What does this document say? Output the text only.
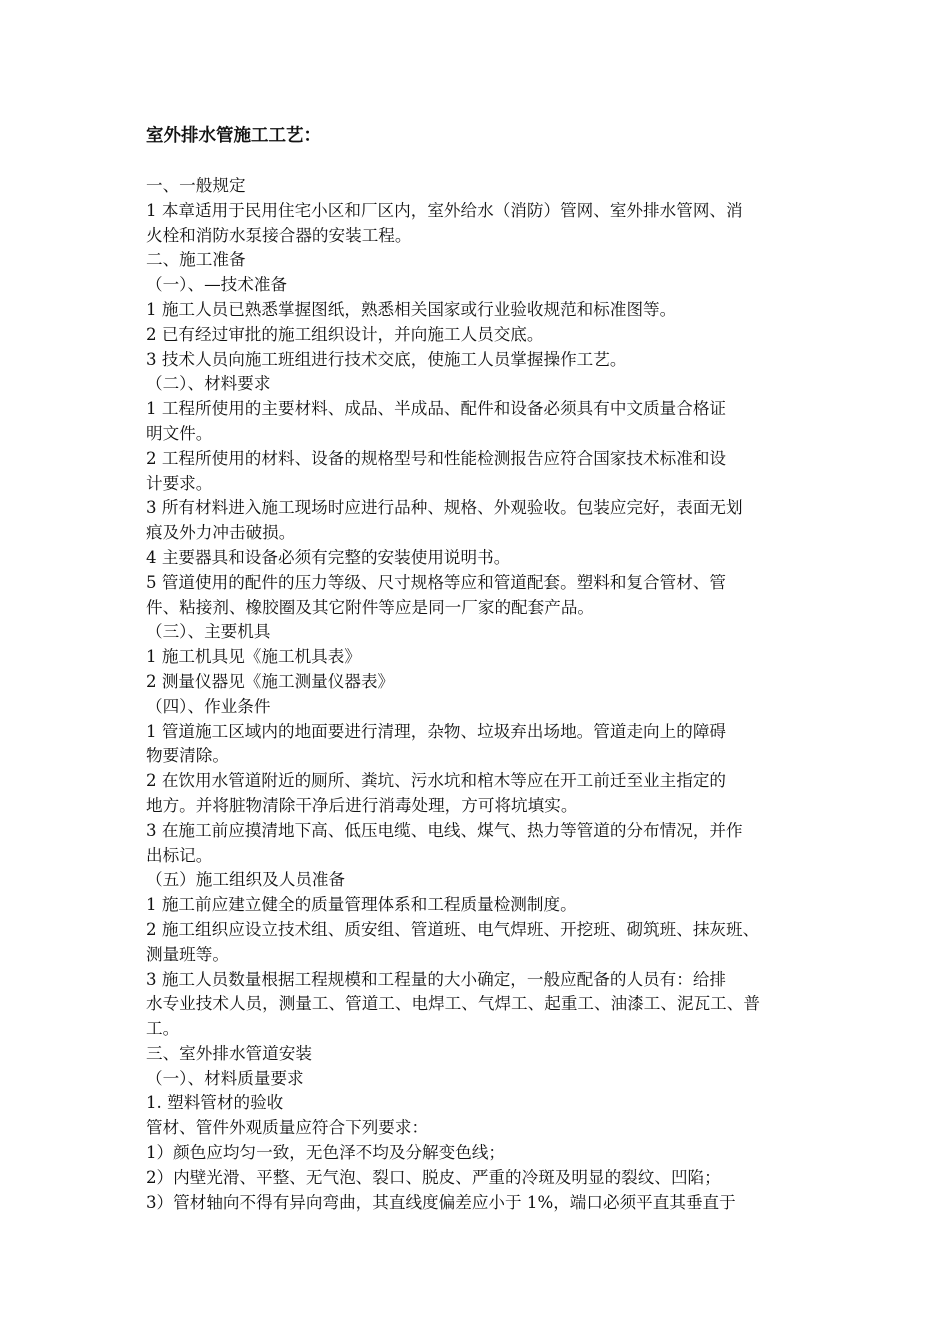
室外排水管施工工艺：
一、一般规定
1 本章适用于民用住宅小区和厂区内，室外给水（消防）管网、室外排水管网、消
火栓和消防水泵接合器的安装工程。
二、施工准备
（一）、—技术准备
1 施工人员已熟悉掌握图纸，熟悉相关国家或行业验收规范和标准图等。
2 已有经过审批的施工组织设计，并向施工人员交底。
3 技术人员向施工班组进行技术交底，使施工人员掌握操作工艺。
（二）、材料要求
1 工程所使用的主要材料、成品、半成品、配件和设备必须具有中文质量合格证
明文件。
2 工程所使用的材料、设备的规格型号和性能检测报告应符合国家技术标准和设
计要求。
3 所有材料进入施工现场时应进行品种、规格、外观验收。包装应完好，表面无划
痕及外力冲击破损。
4 主要器具和设备必须有完整的安装使用说明书。
5 管道使用的配件的压力等级、尺寸规格等应和管道配套。塑料和复合管材、管
件、粘接剂、橡胶圈及其它附件等应是同一厂家的配套产品。
（三）、主要机具
1 施工机具见《施工机具表》
2 测量仪器见《施工测量仪器表》
（四）、作业条件
1 管道施工区域内的地面要进行清理，杂物、垃圾弃出场地。管道走向上的障碍
物要清除。
2 在饮用水管道附近的厕所、粪坑、污水坑和棺木等应在开工前迁至业主指定的
地方。并将脏物清除干净后进行消毒处理，方可将坑填实。
3 在施工前应摸清地下高、低压电缆、电线、煤气、热力等管道的分布情况，并作
出标记。
（五）施工组织及人员准备
1 施工前应建立健全的质量管理体系和工程质量检测制度。
2 施工组织应设立技术组、质安组、管道班、电气焊班、开挖班、砌筑班、抹灰班、
测量班等。
3 施工人员数量根据工程规模和工程量的大小确定，一般应配备的人员有：给排
水专业技术人员，测量工、管道工、电焊工、气焊工、起重工、油漆工、泥瓦工、普
工。
三、室外排水管道安装
（一）、材料质量要求
1. 塑料管材的验收
管材、管件外观质量应符合下列要求：
1）颜色应均匀一致，无色泽不均及分解变色线；
2）内壁光滑、平整、无气泡、裂口、脱皮、严重的冷斑及明显的裂纹、凹陷；
3）管材轴向不得有异向弯曲，其直线度偏差应小于 1%，端口必须平直其垂直于
